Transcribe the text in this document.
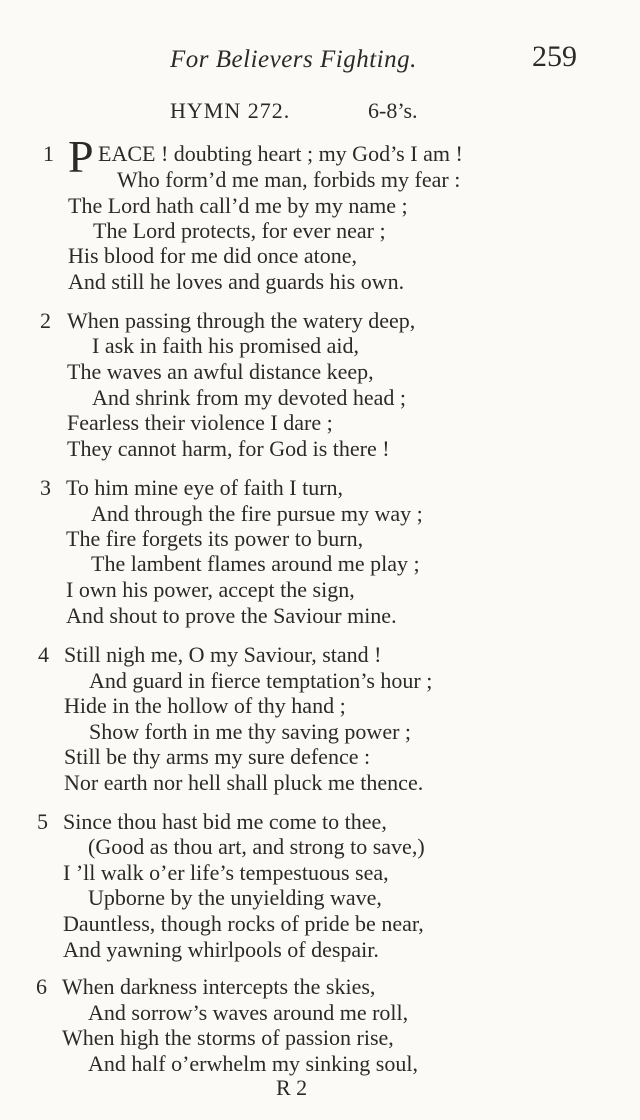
For Believers Fighting.	259
HYMN 272.	6-8’s.
1 P EACE ! doubting heart ; my God’s I am !
Who form’d me man, forbids my fear :
The Lord hath call’d me by my name ;
The Lord protects, for ever near ;
His blood for me did once atone,
And still he loves and guards his own.
2 When passing through the watery deep,
I ask in faith his promised aid,
The waves an awful distance keep,
And shrink from my devoted head ;
Fearless their violence I dare ;
They cannot harm, for God is there !
3 To him mine eye of faith I turn,
And through the fire pursue my way ;
The fire forgets its power to burn,
The lambent flames around me play ;
I own his power, accept the sign,
And shout to prove the Saviour mine.
4 Still nigh me, O my Saviour, stand !
And guard in fierce temptation’s hour ;
Hide in the hollow of thy hand ;
Show forth in me thy saving power ;
Still be thy arms my sure defence :
Nor earth nor hell shall pluck me thence.
5 Since thou hast bid me come to thee,
(Good as thou art, and strong to save,)
I ’ll walk o’er life’s tempestuous sea,
Upborne by the unyielding wave,
Dauntless, though rocks of pride be near,
And yawning whirlpools of despair.
6 When darkness intercepts the skies,
And sorrow’s waves around me roll,
When high the storms of passion rise,
And half o’erwhelm my sinking soul,
R 2
